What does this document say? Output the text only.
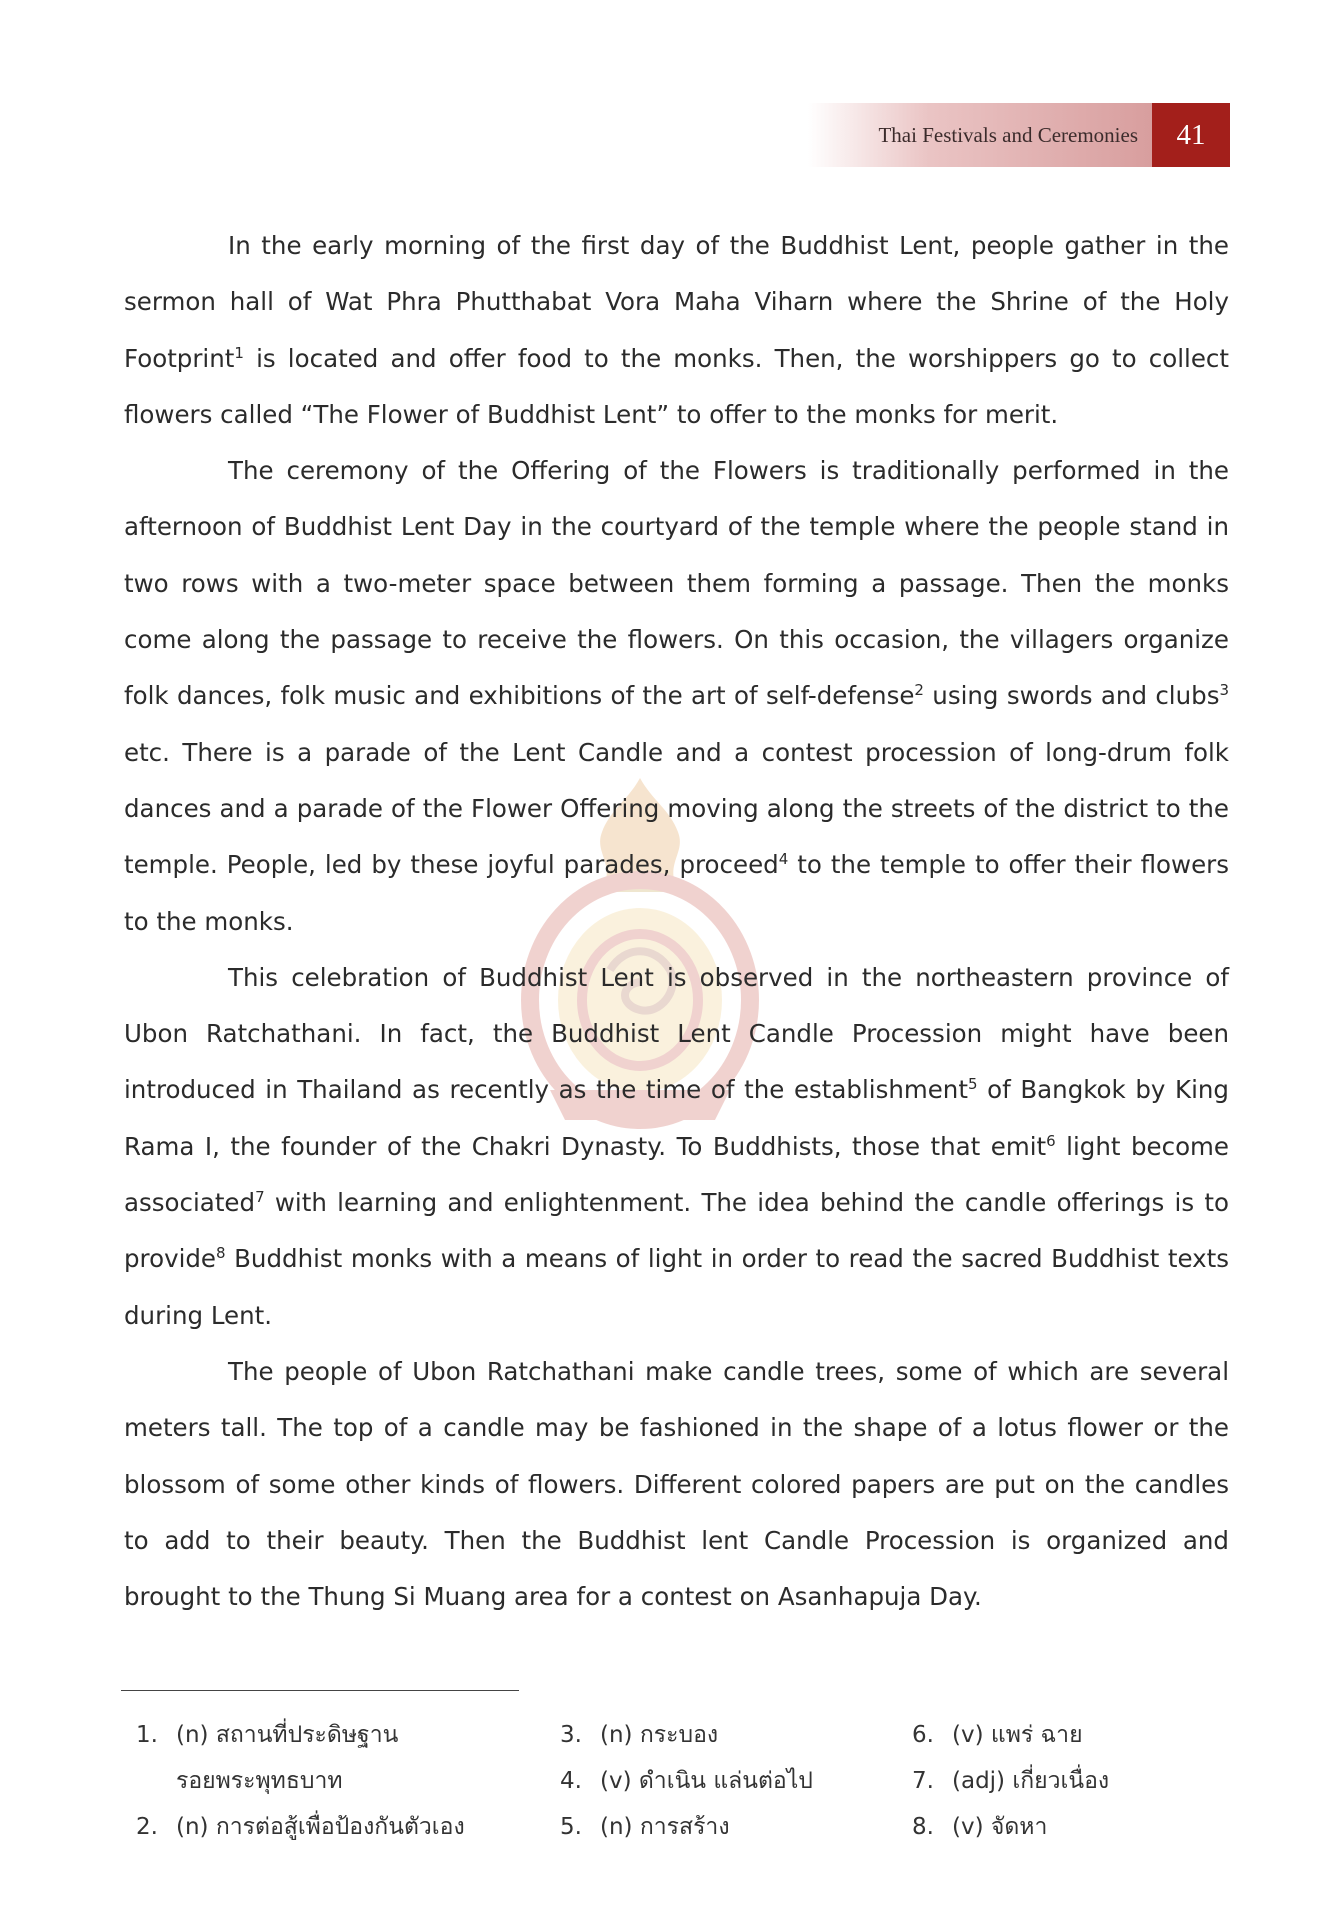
Thai Festivals and Ceremonies	41

In the early morning of the first day of the Buddhist Lent, people gather in the sermon hall of Wat Phra Phutthabat Vora Maha Viharn where the Shrine of the Holy Footprint$^1$ is located and offer food to the monks. Then, the worshippers go to collect flowers called “The Flower of Buddhist Lent” to offer to the monks for merit.

The ceremony of the Offering of the Flowers is traditionally performed in the afternoon of Buddhist Lent Day in the courtyard of the temple where the people stand in two rows with a two-meter space between them forming a passage. Then the monks come along the passage to receive the flowers. On this occasion, the villagers organize folk dances, folk music and exhibitions of the art of self-defense$^2$ using swords and clubs$^3$ etc. There is a parade of the Lent Candle and a contest procession of long-drum folk dances and a parade of the Flower Offering moving along the streets of the district to the temple. People, led by these joyful parades, proceed$^4$ to the temple to offer their flowers to the monks.

This celebration of Buddhist Lent is observed in the northeastern province of Ubon Ratchathani. In fact, the Buddhist Lent Candle Procession might have been introduced in Thailand as recently as the time of the establishment$^5$ of Bangkok by King Rama I, the founder of the Chakri Dynasty. To Buddhists, those that emit$^6$ light become associated$^7$ with learning and enlightenment. The idea behind the candle offerings is to provide$^8$ Buddhist monks with a means of light in order to read the sacred Buddhist texts during Lent.

The people of Ubon Ratchathani make candle trees, some of which are several meters tall. The top of a candle may be fashioned in the shape of a lotus flower or the blossom of some other kinds of flowers. Different colored papers are put on the candles to add to their beauty. Then the Buddhist lent Candle Procession is organized and brought to the Thung Si Muang area for a contest on Asanhapuja Day.

1. (n) สถานที่ประดิษฐาน
รอยพระพุทธบาท
2. (n) การต่อสู้เพื่อป้องกันตัวเอง
3. (n) กระบอง
4. (v) ดำเนิน แล่นต่อไป
5. (n) การสร้าง
6. (v) แพร่ ฉาย
7. (adj) เกี่ยวเนื่อง
8. (v) จัดหา
